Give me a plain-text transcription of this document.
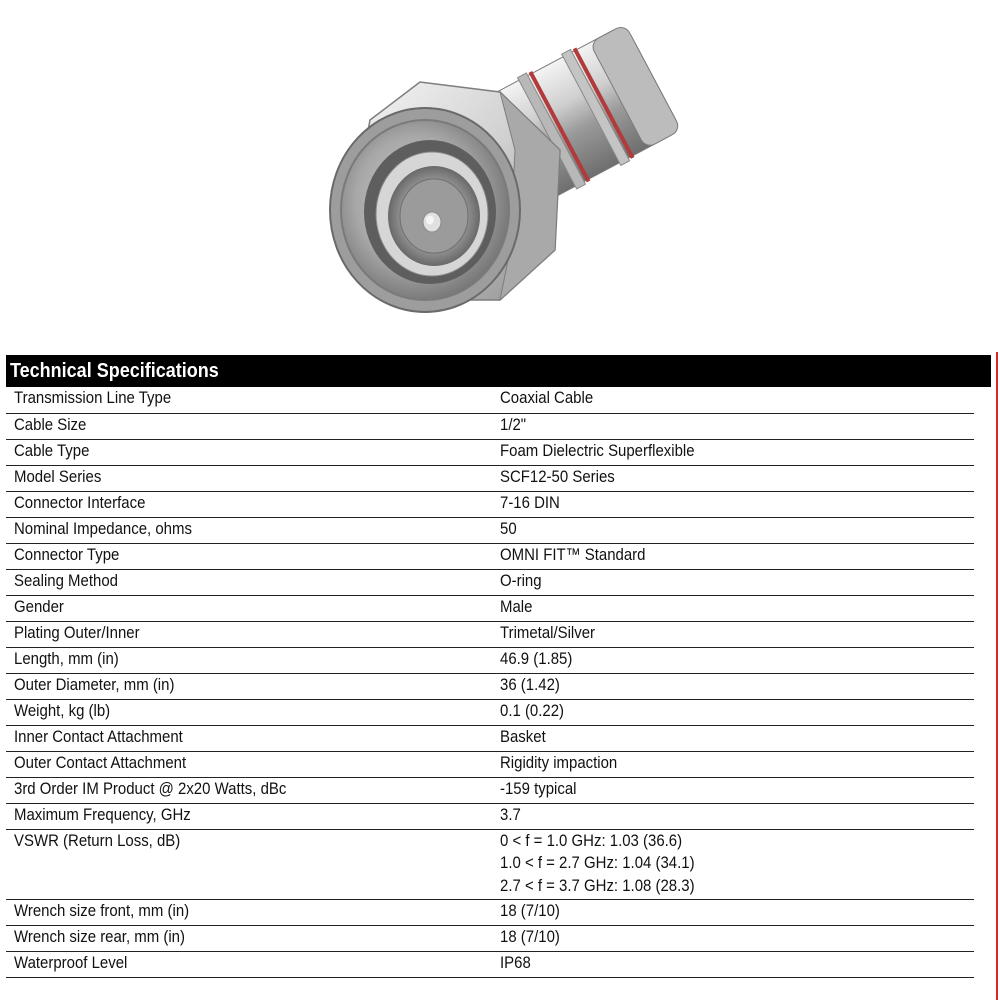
Technical Specifications
Transmission Line Type	Coaxial Cable
Cable Size	1/2"
Cable Type	Foam Dielectric Superflexible
Model Series	SCF12-50 Series
Connector Interface	7-16 DIN
Nominal Impedance, ohms	50
Connector Type	OMNI FIT™ Standard
Sealing Method	O-ring
Gender	Male
Plating Outer/Inner	Trimetal/Silver
Length, mm (in)	46.9 (1.85)
Outer Diameter, mm (in)	36 (1.42)
Weight, kg (lb)	0.1 (0.22)
Inner Contact Attachment	Basket
Outer Contact Attachment	Rigidity impaction
3rd Order IM Product @ 2x20 Watts, dBc	-159 typical
Maximum Frequency, GHz	3.7
VSWR (Return Loss, dB)	0 < f = 1.0 GHz: 1.03 (36.6)
1.0 < f = 2.7 GHz: 1.04 (34.1)
2.7 < f = 3.7 GHz: 1.08 (28.3)

Wrench size front, mm (in)	18 (7/10)
Wrench size rear, mm (in)	18 (7/10)
Waterproof Level	IP68
